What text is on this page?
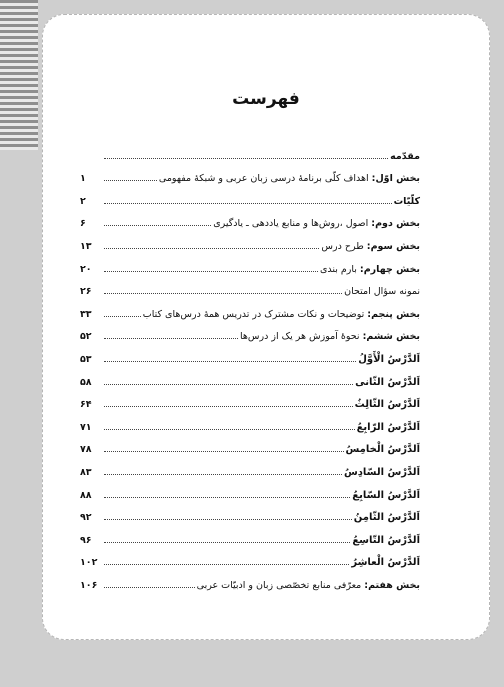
فهرست
مقدّمه
بخش اوّل: اهداف کلّی برنامهٔ درسی زبان عربی و شبکهٔ مفهومی
۱
کلّیّات
۲
بخش دوم: اصول ،روش‌ها و منابع یاددهی ـ یادگیری
۶
بخش سوم: طرح درس
۱۳
بخش چهارم: بارم بندی
۲۰
نمونه سؤال امتحان
۲۶
بخش پنجم: توضیحات و نکات مشترک در تدریس همهٔ درس‌های کتاب
۳۳
بخش ششم: نحوهٔ آموزش هر یک از درس‌ها
۵۲
اَلدَّرْسُ الْأَوَّلُ
۵۳
اَلدَّرْسُ الثّانی
۵۸
اَلدَّرْسُ الثّالِثُ
۶۴
اَلدَّرْسُ الرّابِعُ
۷۱
اَلدَّرْسُ الْخامِسُ
۷۸
اَلدَّرْسُ السّادِسُ
۸۳
اَلدَّرْسُ السّابِعُ
۸۸
اَلدَّرْسُ الثّامِنُ
۹۲
اَلدَّرْسُ التّاسِعُ
۹۶
اَلدَّرْسُ الْعاشِرُ
۱۰۲
بخش هفتم: معرّفی منابع تخصّصی زبان و ادبیّات عربی
۱۰۶
